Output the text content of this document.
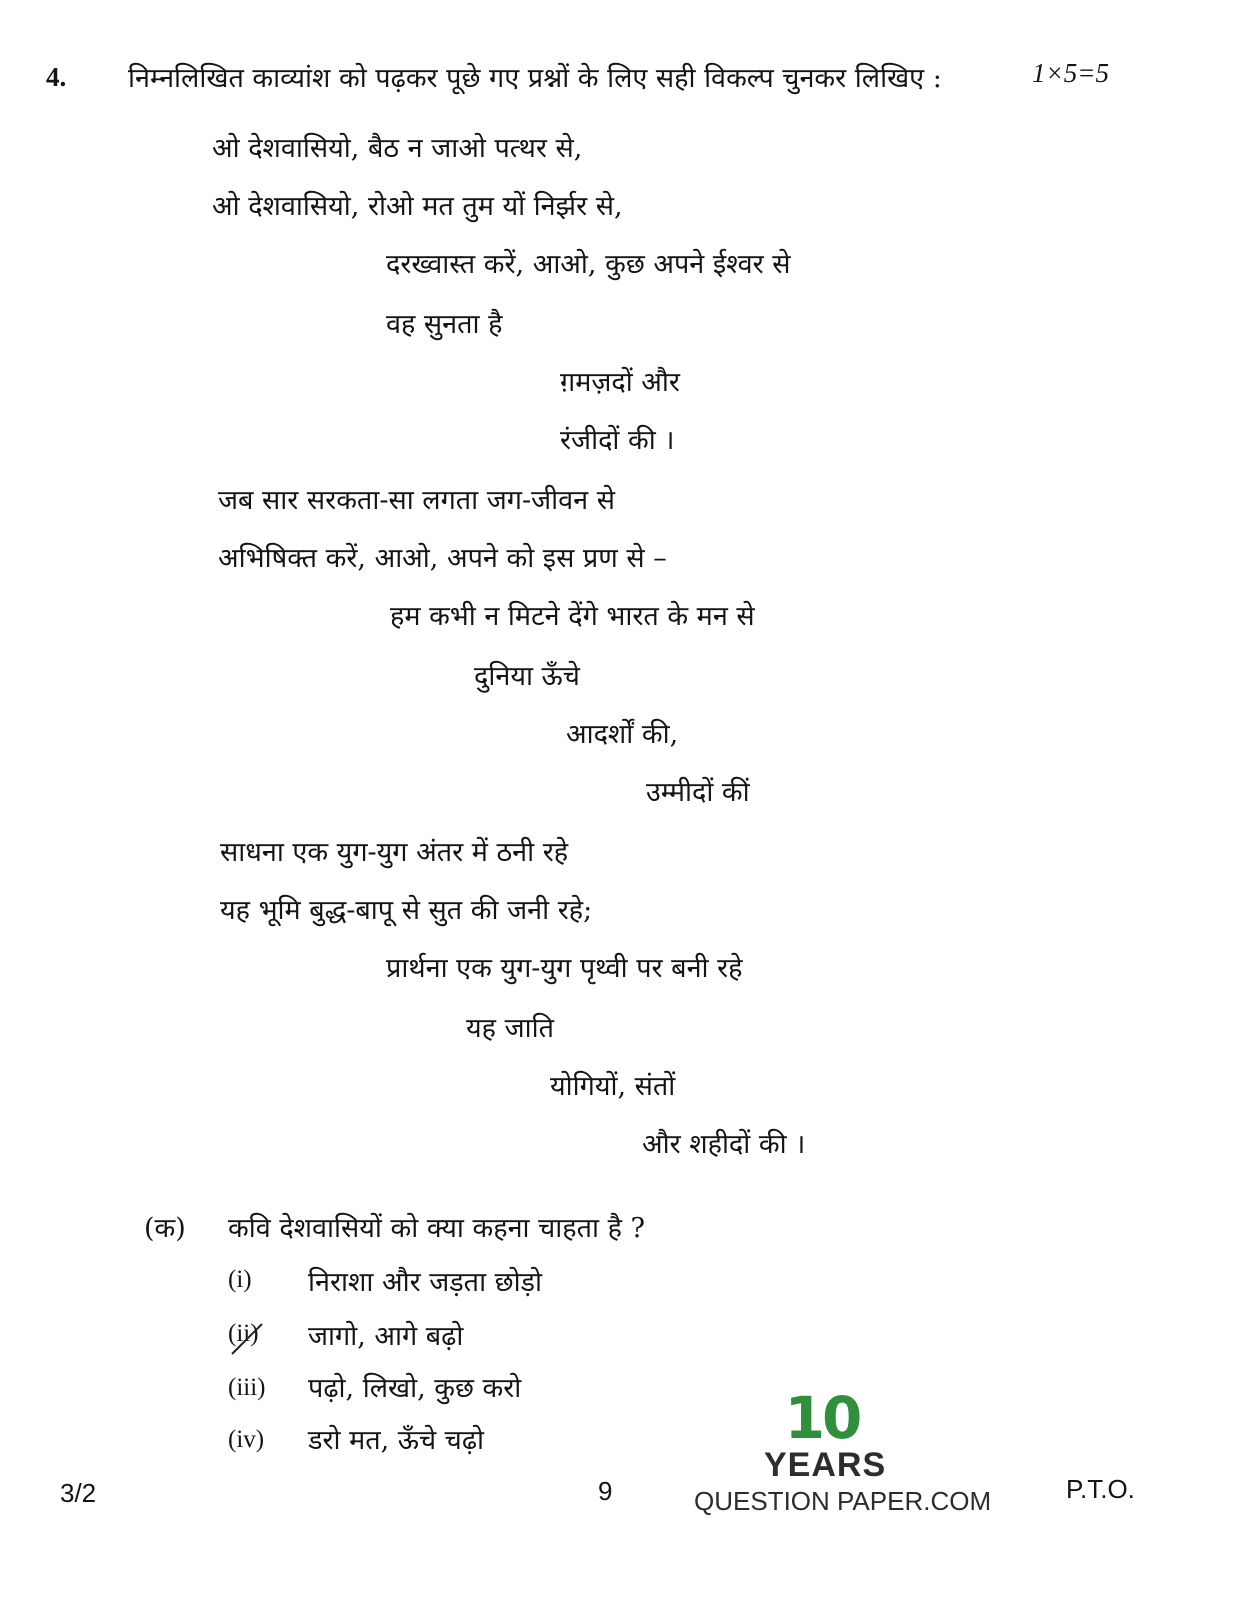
4. निम्नलिखित काव्यांश को पढ़कर पूछे गए प्रश्नों के लिए सही विकल्प चुनकर लिखिए :	1×5=5
ओ देशवासियो, बैठ न जाओ पत्थर से,
ओ देशवासियो, रोओ मत तुम यों निर्झर से,
दरख्वास्त करें, आओ, कुछ अपने ईश्वर से
वह सुनता है
ग़मज़दों और
रंजीदों की ।
जब सार सरकता-सा लगता जग-जीवन से
अभिषिक्त करें, आओ, अपने को इस प्रण से –
हम कभी न मिटने देंगे भारत के मन से
दुनिया ऊँचे
आदर्शों की,
उम्मीदों कीं
साधना एक युग-युग अंतर में ठनी रहे
यह भूमि बुद्ध-बापू से सुत की जनी रहे;
प्रार्थना एक युग-युग पृथ्वी पर बनी रहे
यह जाति
योगियों, संतों
और शहीदों की ।
(क) कवि देशवासियों को क्या कहना चाहता है ?
(i) निराशा और जड़ता छोड़ो
(ii) जागो, आगे बढ़ो
(iii) पढ़ो, लिखो, कुछ करो
(iv) डरो मत, ऊँचे चढ़ो
3/2	9	P.T.O.
10
YEARS
QUESTION PAPER.COM
